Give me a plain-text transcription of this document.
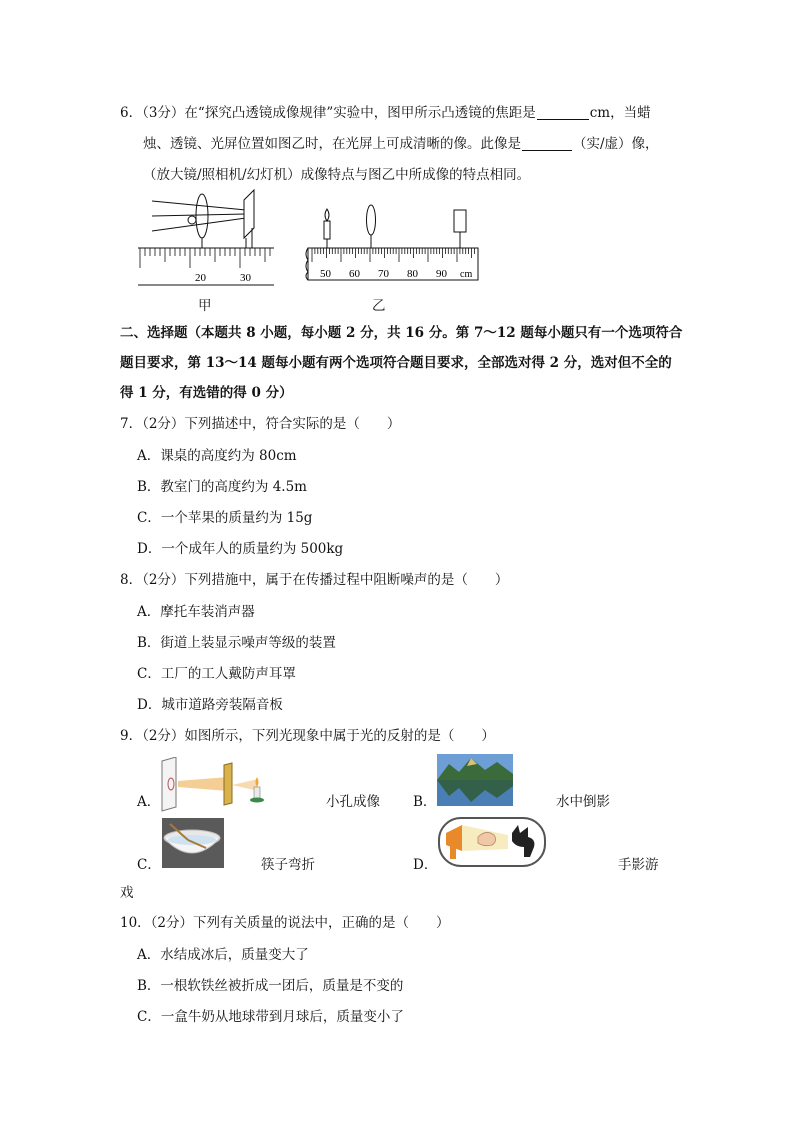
6．（3分）在“探究凸透镜成像规律”实验中，图甲所示凸透镜的焦距是	cm，当蜡
烛、透镜、光屏位置如图乙时，在光屏上可成清晰的像。此像是	（实/虚）像，
（放大镜/照相机/幻灯机）成像特点与图乙中所成像的特点相同。
20	30
甲
50 60 70 80 90 cm
乙
二、选择题（本题共 8 小题，每小题 2 分，共 16 分。第 7～12 题每小题只有一个选项符合
题目要求，第 13～14 题每小题有两个选项符合题目要求，全部选对得 2 分，选对但不全的
得 1 分，有选错的得 0 分）
7．（2分）下列描述中，符合实际的是（　　）
A．课桌的高度约为 80cm
B．教室门的高度约为 4.5m
C．一个苹果的质量约为 15g
D．一个成年人的质量约为 500kg
8．（2分）下列措施中，属于在传播过程中阻断噪声的是（　　）
A．摩托车装消声器
B．街道上装显示噪声等级的装置
C．工厂的工人戴防声耳罩
D．城市道路旁装隔音板
9．（2分）如图所示，下列光现象中属于光的反射的是（　　）
A．	小孔成像 B．	水中倒影
C．	筷子弯折	D．	手影游
戏
10．（2分）下列有关质量的说法中，正确的是（　　）
A．水结成冰后，质量变大了
B．一根软铁丝被折成一团后，质量是不变的
C．一盒牛奶从地球带到月球后，质量变小了
